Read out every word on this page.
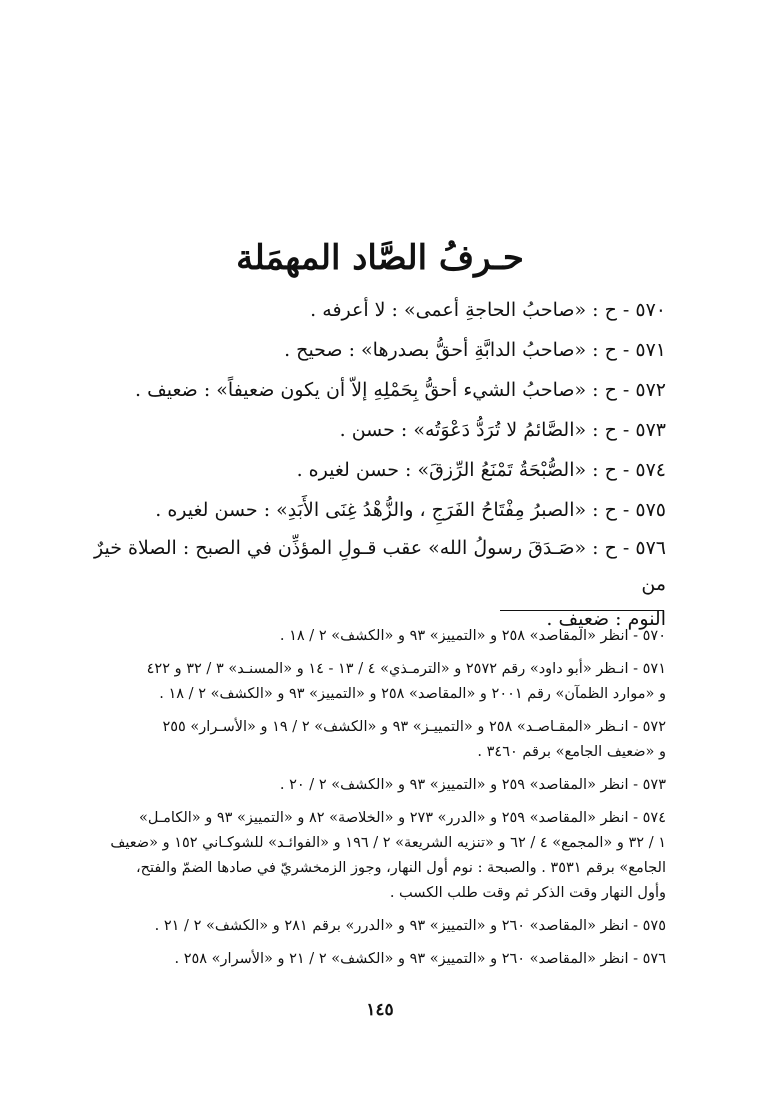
حـرفُ الصَّاد المهمَلة
٥٧٠ - ح : «صاحبُ الحاجةِ أعمى» : لا أعرفه .
٥٧١ - ح : «صاحبُ الدابَّةِ أحقُّ بصدرها» : صحيح .
٥٧٢ - ح : «صاحبُ الشيء أحقُّ بِحَمْلِهِ إلاّ أن يكون ضعيفاً» : ضعيف .
٥٧٣ - ح : «الصَّائمُ لا تُرَدُّ دَعْوَتُه» : حسن .
٥٧٤ - ح : «الصُّبْحَةُ تَمْنَعُ الرِّزقَ» : حسن لغيره .
٥٧٥ - ح : «الصبرُ مِفْتَاحُ الفَرَجِ ، والزُّهْدُ غِنَى الأَبَدِ» : حسن لغيره .
٥٧٦ - ح : «صَـدَقَ رسولُ الله» عقب قـولِ المؤذِّن في الصبح : الصلاة خيرٌ من
النوم : ضعيف .
٥٧٠ - انظر «المقاصد» ٢٥٨ و «التمييز» ٩٣ و «الكشف» ٢ / ١٨ .
٥٧١ - انـظر «أبو داود» رقم ٢٥٧٢ و «الترمـذي» ٤ / ١٣ - ١٤ و «المسنـد» ٣ / ٣٢ و ٤٢٢
و «موارد الظمآن» رقم ٢٠٠١ و «المقاصد» ٢٥٨ و «التمييز» ٩٣ و «الكشف» ٢ / ١٨ .
٥٧٢ - انـظر «المقـاصـد» ٢٥٨ و «التمييـز» ٩٣ و «الكشف» ٢ / ١٩ و «الأسـرار» ٢٥٥
و «ضعيف الجامع» برقم ٣٤٦٠ .
٥٧٣ - انظر «المقاصد» ٢٥٩ و «التمييز» ٩٣ و «الكشف» ٢ / ٢٠ .
٥٧٤ - انظر «المقاصد» ٢٥٩ و «الدرر» ٢٧٣ و «الخلاصة» ٨٢ و «التمييز» ٩٣ و «الكامـل»
١ / ٣٢ و «المجمع» ٤ / ٦٢ و «تنزيه الشريعة» ٢ / ١٩٦ و «الفوائـد» للشوكـاني ١٥٢ و «ضعيف
الجامع» برقم ٣٥٣١ . والصبحة : نوم أول النهار، وجوز الزمخشريّ في صادها الضمّ والفتح،
وأول النهار وقت الذكر ثم وقت طلب الكسب .
٥٧٥ - انظر «المقاصد» ٢٦٠ و «التمييز» ٩٣ و «الدرر» برقم ٢٨١ و «الكشف» ٢ / ٢١ .
٥٧٦ - انظر «المقاصد» ٢٦٠ و «التمييز» ٩٣ و «الكشف» ٢ / ٢١ و «الأسرار» ٢٥٨ .
١٤٥
